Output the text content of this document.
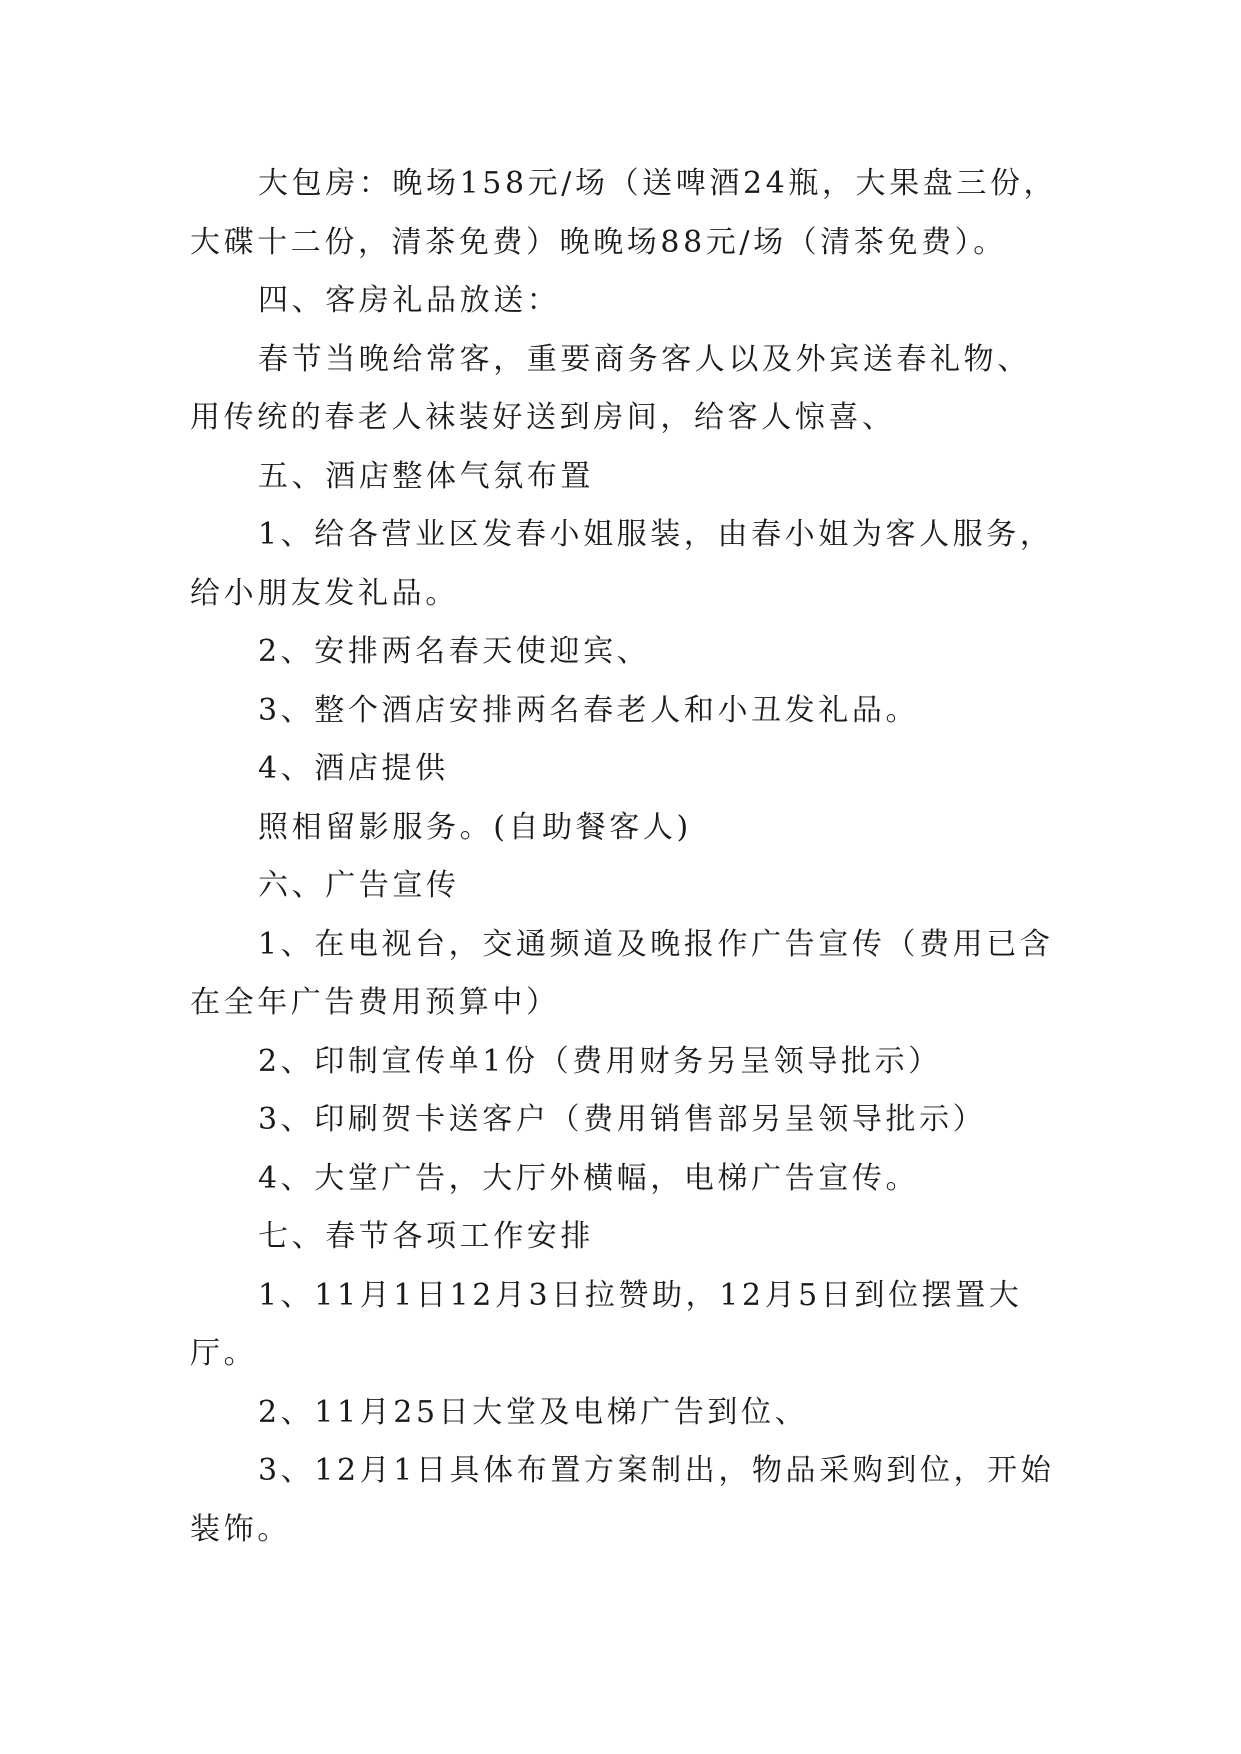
大包房：晚场158元/场（送啤酒24瓶，大果盘三份，大碟十二份，清茶免费）晚晚场88元/场（清茶免费）。

四、客房礼品放送：

春节当晚给常客，重要商务客人以及外宾送春礼物、用传统的春老人袜装好送到房间，给客人惊喜、

五、酒店整体气氛布置

1、给各营业区发春小姐服装，由春小姐为客人服务，给小朋友发礼品。

2、安排两名春天使迎宾、

3、整个酒店安排两名春老人和小丑发礼品。

4、酒店提供

照相留影服务。(自助餐客人)

六、广告宣传

1、在电视台，交通频道及晚报作广告宣传（费用已含在全年广告费用预算中）

2、印制宣传单1份（费用财务另呈领导批示）

3、印刷贺卡送客户（费用销售部另呈领导批示）

4、大堂广告，大厅外横幅，电梯广告宣传。

七、春节各项工作安排

1、11月1日12月3日拉赞助，12月5日到位摆置大厅。

2、11月25日大堂及电梯广告到位、

3、12月1日具体布置方案制出，物品采购到位，开始装饰。
